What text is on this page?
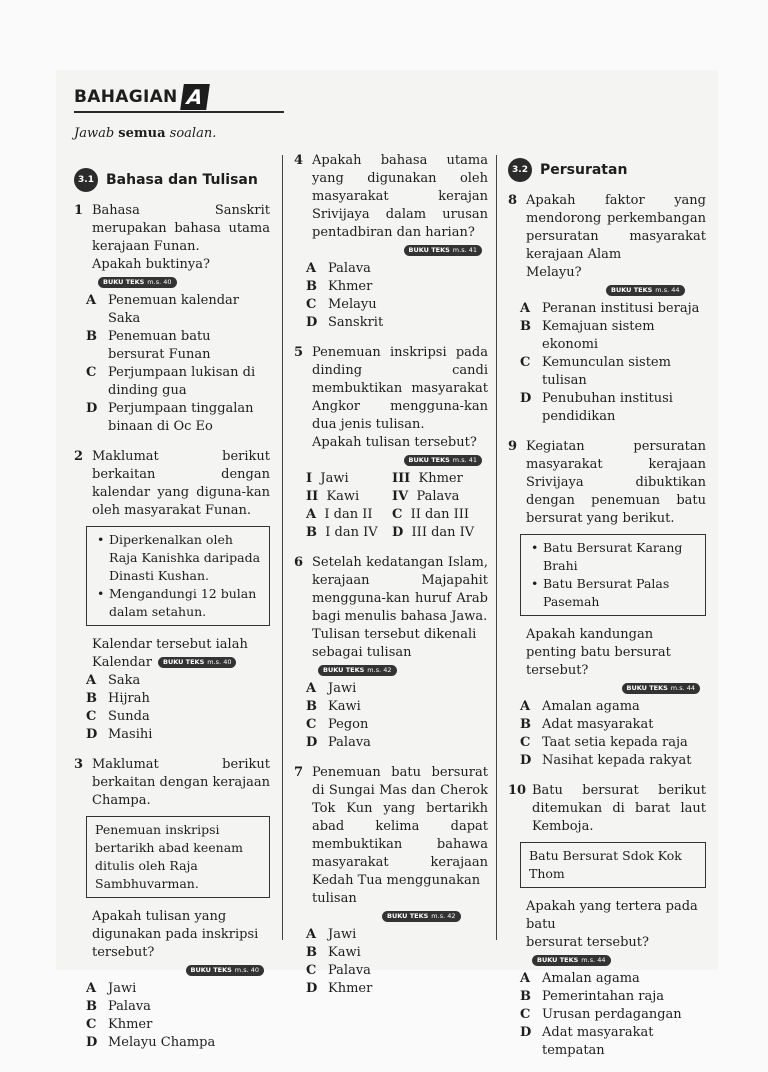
BAHAGIAN A
Jawab semua soalan.
3.1 Bahasa dan Tulisan
1 Bahasa Sanskrit merupakan bahasa utama kerajaan Funan.
Apakah buktinya?BUKU TEKS m.s. 40
A Penemuan kalendar Saka
B Penemuan batu bersurat Funan
C Perjumpaan lukisan di dinding gua
D Perjumpaan tinggalan binaan di Oc Eo
2 Maklumat berikut berkaitan dengan kalendar yang diguna-kan oleh masyarakat Funan.
• Diperkenalkan oleh Raja Kanishka daripada Dinasti Kushan.
• Mengandungi 12 bulan dalam setahun.
Kalendar tersebut ialah
Kalendar BUKU TEKS m.s. 40
A Saka
B Hijrah
C Sunda
D Masihi
3 Maklumat berikut berkaitan dengan kerajaan Champa.
Penemuan inskripsi bertarikh abad keenam ditulis oleh Raja Sambhuvarman.
Apakah tulisan yang digunakan pada inskripsi tersebut?
BUKU TEKS m.s. 40
A Jawi
B Palava
C Khmer
D Melayu Champa
4 Apakah bahasa utama yang digunakan oleh masyarakat kerajan Srivijaya dalam urusan pentadbiran dan harian?
BUKU TEKS m.s. 41
A Palava
B Khmer
C Melayu
D Sanskrit
5 Penemuan inskripsi pada dinding candi membuktikan masyarakat Angkor mengguna-kan dua jenis tulisan.
Apakah tulisan tersebut?
BUKU TEKS m.s. 41
I Jawi	III Khmer
II Kawi	IV Palava
A I dan II	C II dan III
B I dan IV	D III dan IV
6 Setelah kedatangan Islam, kerajaan Majapahit mengguna-kan huruf Arab bagi menulis bahasa Jawa.
Tulisan tersebut dikenali
sebagai tulisanBUKU TEKS m.s. 42
A Jawi
B Kawi
C Pegon
D Palava
7 Penemuan batu bersurat di Sungai Mas dan Cherok Tok Kun yang bertarikh abad kelima dapat membuktikan bahawa masyarakat kerajaan Kedah Tua menggunakan
tulisanBUKU TEKS m.s. 42
A Jawi
B Kawi
C Palava
D Khmer
3.2 Persuratan
8 Apakah faktor yang mendorong perkembangan persuratan masyarakat kerajaan Alam
Melayu?BUKU TEKS m.s. 44
A Peranan institusi beraja
B Kemajuan sistem ekonomi
C Kemunculan sistem tulisan
D Penubuhan institusi pendidikan
9 Kegiatan persuratan masyarakat kerajaan Srivijaya dibuktikan dengan penemuan batu bersurat yang berikut.
• Batu Bersurat Karang Brahi
• Batu Bersurat Palas Pasemah
Apakah kandungan penting batu bersurat tersebut?
BUKU TEKS m.s. 44
A Amalan agama
B Adat masyarakat
C Taat setia kepada raja
D Nasihat kepada rakyat
10 Batu bersurat berikut ditemukan di barat laut Kemboja.
Batu Bersurat Sdok Kok Thom
Apakah yang tertera pada batu
bersurat tersebut?BUKU TEKS m.s. 44
A Amalan agama
B Pemerintahan raja
C Urusan perdagangan
D Adat masyarakat tempatan
